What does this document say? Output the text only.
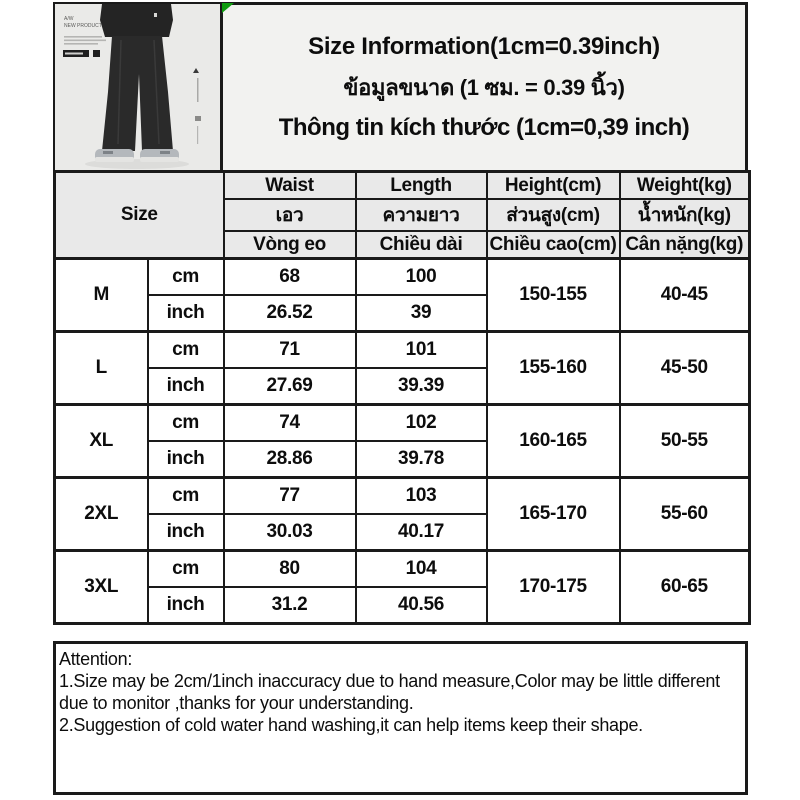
A/W
NEW PRODUCT
Size Information(1cm=0.39inch)
ข้อมูลขนาด (1 ซม. = 0.39 นิ้ว)
Thông tin kích thước (1cm=0,39 inch)
Size		Waist	Length	Height(cm)	Weight(kg)
		เอว	ความยาว	ส่วนสูง(cm)	น้ำหนัก(kg)
		Vòng eo	Chiều dài	Chiều cao(cm)	Cân nặng(kg)
M	cm	68	100	150-155	40-45
	inch	26.52	39		
L	cm	71	101	155-160	45-50
	inch	27.69	39.39		
XL	cm	74	102	160-165	50-55
	inch	28.86	39.78		
2XL	cm	77	103	165-170	55-60
	inch	30.03	40.17		
3XL	cm	80	104	170-175	60-65
	inch	31.2	40.56		
Attention:
1.Size may be 2cm/1inch inaccuracy due to hand measure,Color may be little different due to monitor ,thanks for your understanding.
2.Suggestion of cold water hand washing,it can help items keep their shape.
